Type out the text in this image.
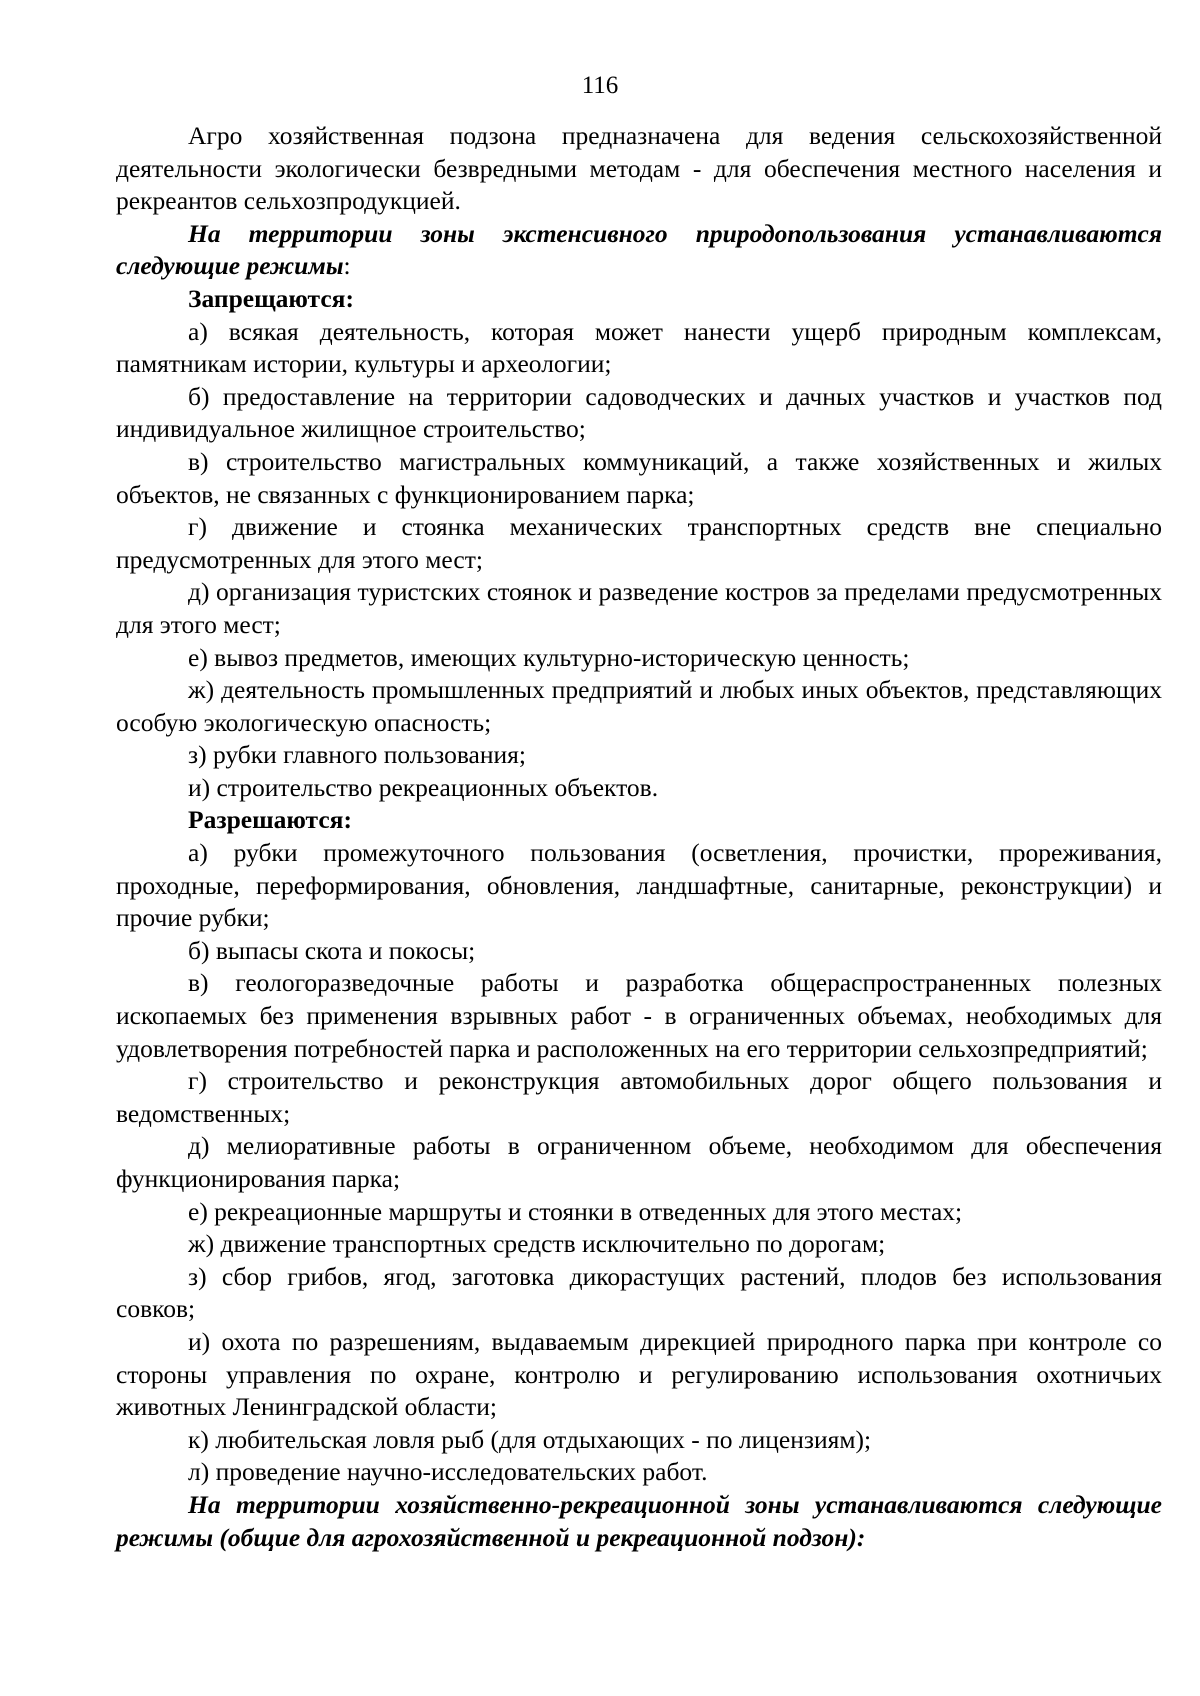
116

Агро хозяйственная подзона предназначена для ведения сельскохозяйственной деятельности экологически безвредными методам - для обеспечения местного населения и рекреантов сельхозпродукцией.

На территории зоны экстенсивного природопользования устанавливаются следующие режимы:

Запрещаются:

а) всякая деятельность, которая может нанести ущерб природным комплексам, памятникам истории, культуры и археологии;

б) предоставление на территории садоводческих и дачных участков и участков под индивидуальное жилищное строительство;

в) строительство магистральных коммуникаций, а также хозяйственных и жилых объектов, не связанных с функционированием парка;

г) движение и стоянка механических транспортных средств вне специально предусмотренных для этого мест;

д) организация туристских стоянок и разведение костров за пределами предусмотренных для этого мест;

е) вывоз предметов, имеющих культурно-историческую ценность;

ж) деятельность промышленных предприятий и любых иных объектов, представляющих особую экологическую опасность;

з) рубки главного пользования;

и) строительство рекреационных объектов.

Разрешаются:

а) рубки промежуточного пользования (осветления, прочистки, прореживания, проходные, переформирования, обновления, ландшафтные, санитарные, реконструкции) и прочие рубки;

б) выпасы скота и покосы;

в) геологоразведочные работы и разработка общераспространенных полезных ископаемых без применения взрывных работ - в ограниченных объемах, необходимых для удовлетворения потребностей парка и расположенных на его территории сельхозпредприятий;

г) строительство и реконструкция автомобильных дорог общего пользования и ведомственных;

д) мелиоративные работы в ограниченном объеме, необходимом для обеспечения функционирования парка;

е) рекреационные маршруты и стоянки в отведенных для этого местах;

ж) движение транспортных средств исключительно по дорогам;

з) сбор грибов, ягод, заготовка дикорастущих растений, плодов без использования совков;

и) охота по разрешениям, выдаваемым дирекцией природного парка при контроле со стороны управления по охране, контролю и регулированию использования охотничьих животных Ленинградской области;

к) любительская ловля рыб (для отдыхающих - по лицензиям);

л) проведение научно-исследовательских работ.

На территории хозяйственно-рекреационной зоны устанавливаются следующие режимы (общие для агрохозяйственной и рекреационной подзон):
